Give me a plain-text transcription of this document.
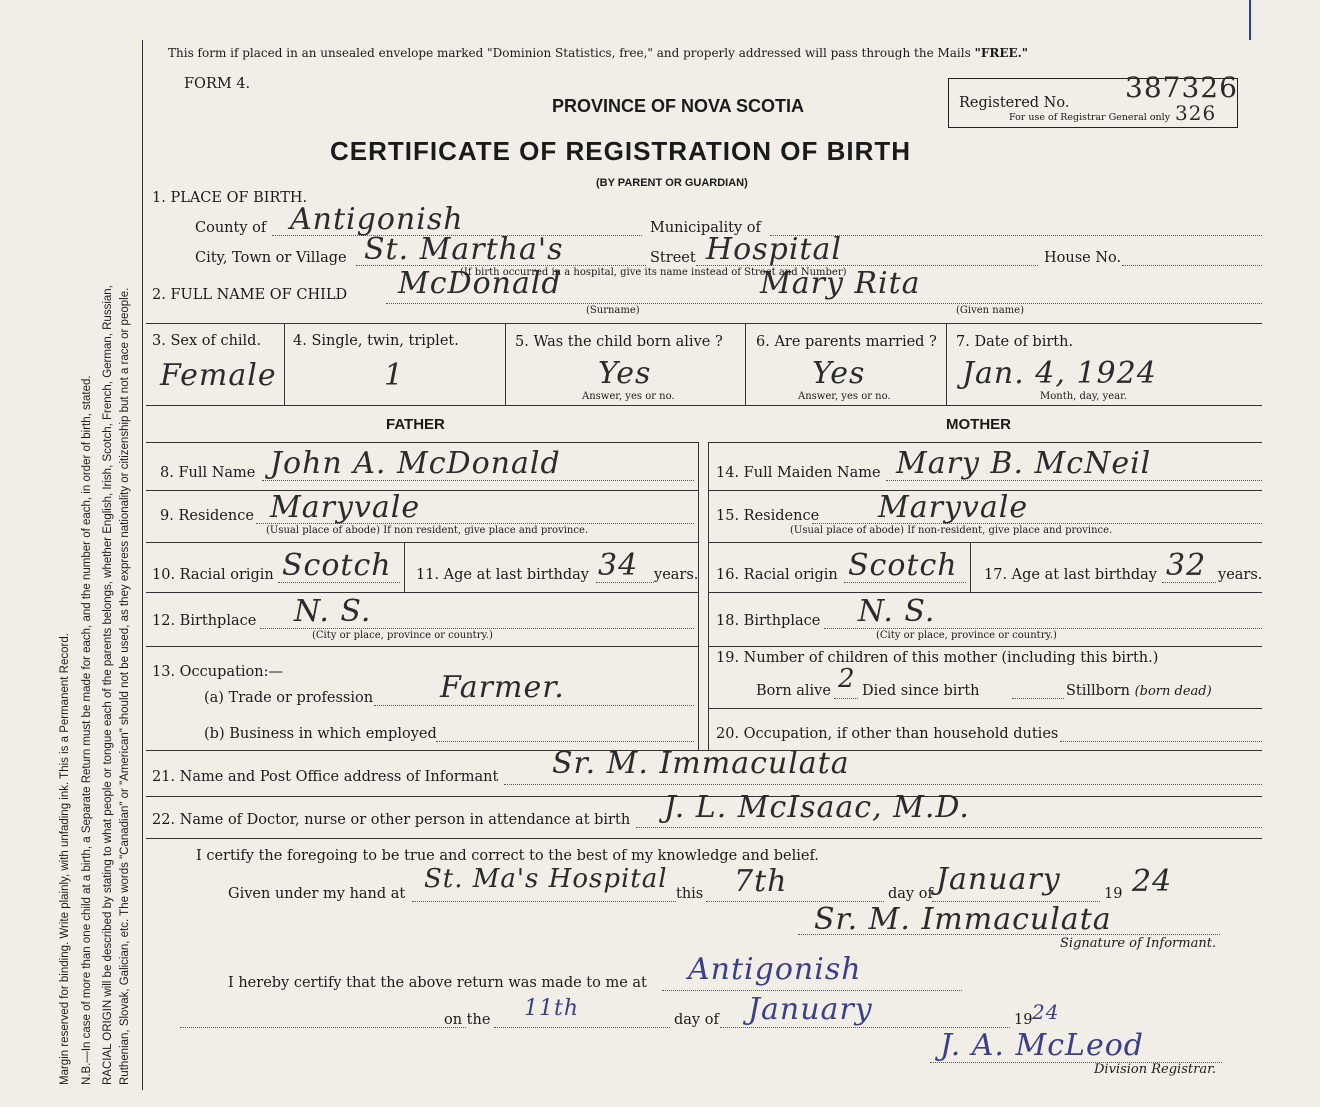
Margin reserved for binding. Write plainly, with unfading ink. This is a Permanent Record. N.B.—In case of more than one child at a birth, a Separate Return must be made for each, and the number of each, in order of birth, stated. RACIAL ORIGIN will be described by stating to what people or tongue each of the parents belongs, whether English, Irish, Scotch, French, German, Russian, Ruthenian, Slovak, Galician, etc. The words "Canadian" or "American" should not be used, as they express nationality or citizenship but not a race or people.
This form if placed in an unsealed envelope marked "Dominion Statistics, free," and properly addressed will pass through the Mails "FREE."
FORM 4.
PROVINCE OF NOVA SCOTIA
CERTIFICATE OF REGISTRATION OF BIRTH
(BY PARENT OR GUARDIAN)
Registered No. 387326
For use of Registrar General only 326
1. PLACE OF BIRTH.
County of Antigonish	Municipality of
City, Town or Village St. Martha's	Street Hospital	House No.
(If birth occurred in a hospital, give its name instead of Street and Number)
2. FULL NAME OF CHILD McDonald	Mary Rita
(Surname)	(Given name)
3. Sex of child.
Female
4. Single, twin, triplet.
1
5. Was the child born alive ?
Yes
Answer, yes or no.
6. Are parents married ?
Yes
Answer, yes or no.
7. Date of birth.
Jan. 4, 1924
Month, day, year.
FATHER	MOTHER
8. Full Name John A. McDonald
9. Residence Maryvale
(Usual place of abode) If non resident, give place and province.
10. Racial origin Scotch 11. Age at last birthday 34 years.
12. Birthplace N. S.
(City or place, province or country.)
13. Occupation:—
(a) Trade or profession Farmer.
(b) Business in which employed
14. Full Maiden Name Mary B. McNeil
15. Residence Maryvale
(Usual place of abode) If non-resident, give place and province.
16. Racial origin Scotch 17. Age at last birthday 32 years.
18. Birthplace N. S.
(City or place, province or country.)
19. Number of children of this mother (including this birth.)
Born alive 2 Died since birth	Stillborn (born dead)
20. Occupation, if other than household duties
21. Name and Post Office address of Informant Sr. M. Immaculata
22. Name of Doctor, nurse or other person in attendance at birth J. L. McIsaac, M.D.
I certify the foregoing to be true and correct to the best of my knowledge and belief.
Given under my hand at St. Ma's Hospital this 7th	day of January	19 24
Sr. M. Immaculata
Signature of Informant.
I hereby certify that the above return was made to me at Antigonish
on the 11th	day of January	19 24
J. A. McLeod
Division Registrar.
